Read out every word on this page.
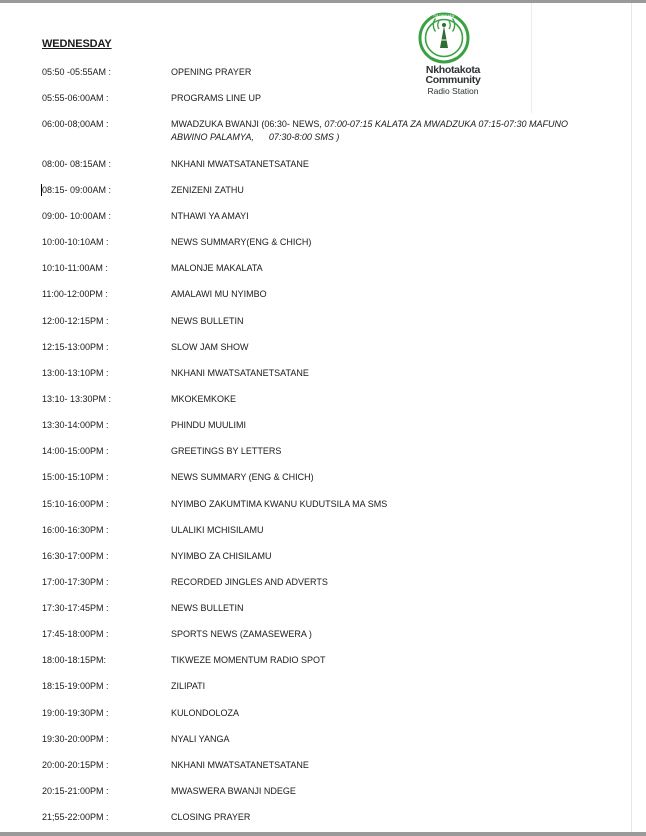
WEDNESDAY
FM 103.8 MHz
Nkhotakota
Community
Radio Station
05:50 -05:55AM :	OPENING PRAYER
05:55-06:00AM :	PROGRAMS LINE UP
06:00-08;00AM :	MWADZUKA BWANJI (06:30- NEWS, 07:00-07:15 KALATA ZA MWADZUKA 07:15-07:30 MAFUNO ABWINO PALAMYA,      07:30-8:00 SMS )
08:00- 08:15AM :	NKHANI MWATSATANETSATANE
08:15- 09:00AM :	ZENIZENI ZATHU
09:00- 10:00AM :	NTHAWI YA AMAYI
10:00-10:10AM :	NEWS SUMMARY(ENG & CHICH)
10:10-11:00AM :	MALONJE MAKALATA
11:00-12:00PM :	AMALAWI MU NYIMBO
12:00-12:15PM :	NEWS BULLETIN
12:15-13:00PM :	SLOW JAM SHOW
13:00-13:10PM :	NKHANI MWATSATANETSATANE
13:10- 13:30PM :	MKOKEMKOKE
13:30-14:00PM :	PHINDU MUULIMI
14:00-15:00PM :	GREETINGS BY LETTERS
15:00-15:10PM :	NEWS SUMMARY (ENG & CHICH)
15:10-16:00PM :	NYIMBO ZAKUMTIMA KWANU KUDUTSILA MA SMS
16:00-16:30PM :	ULALIKI MCHISILAMU
16:30-17:00PM :	NYIMBO ZA CHISILAMU
17:00-17:30PM :	RECORDED JINGLES AND ADVERTS
17:30-17:45PM :	NEWS BULLETIN
17:45-18:00PM :	SPORTS NEWS (ZAMASEWERA )
18:00-18:15PM:	TIKWEZE MOMENTUM RADIO SPOT
18:15-19:00PM :	ZILIPATI
19:00-19:30PM :	KULONDOLOZA
19:30-20:00PM :	NYALI YANGA
20:00-20:15PM :	NKHANI MWATSATANETSATANE
20:15-21:00PM :	MWASWERA BWANJI NDEGE
21;55-22:00PM :	CLOSING PRAYER
